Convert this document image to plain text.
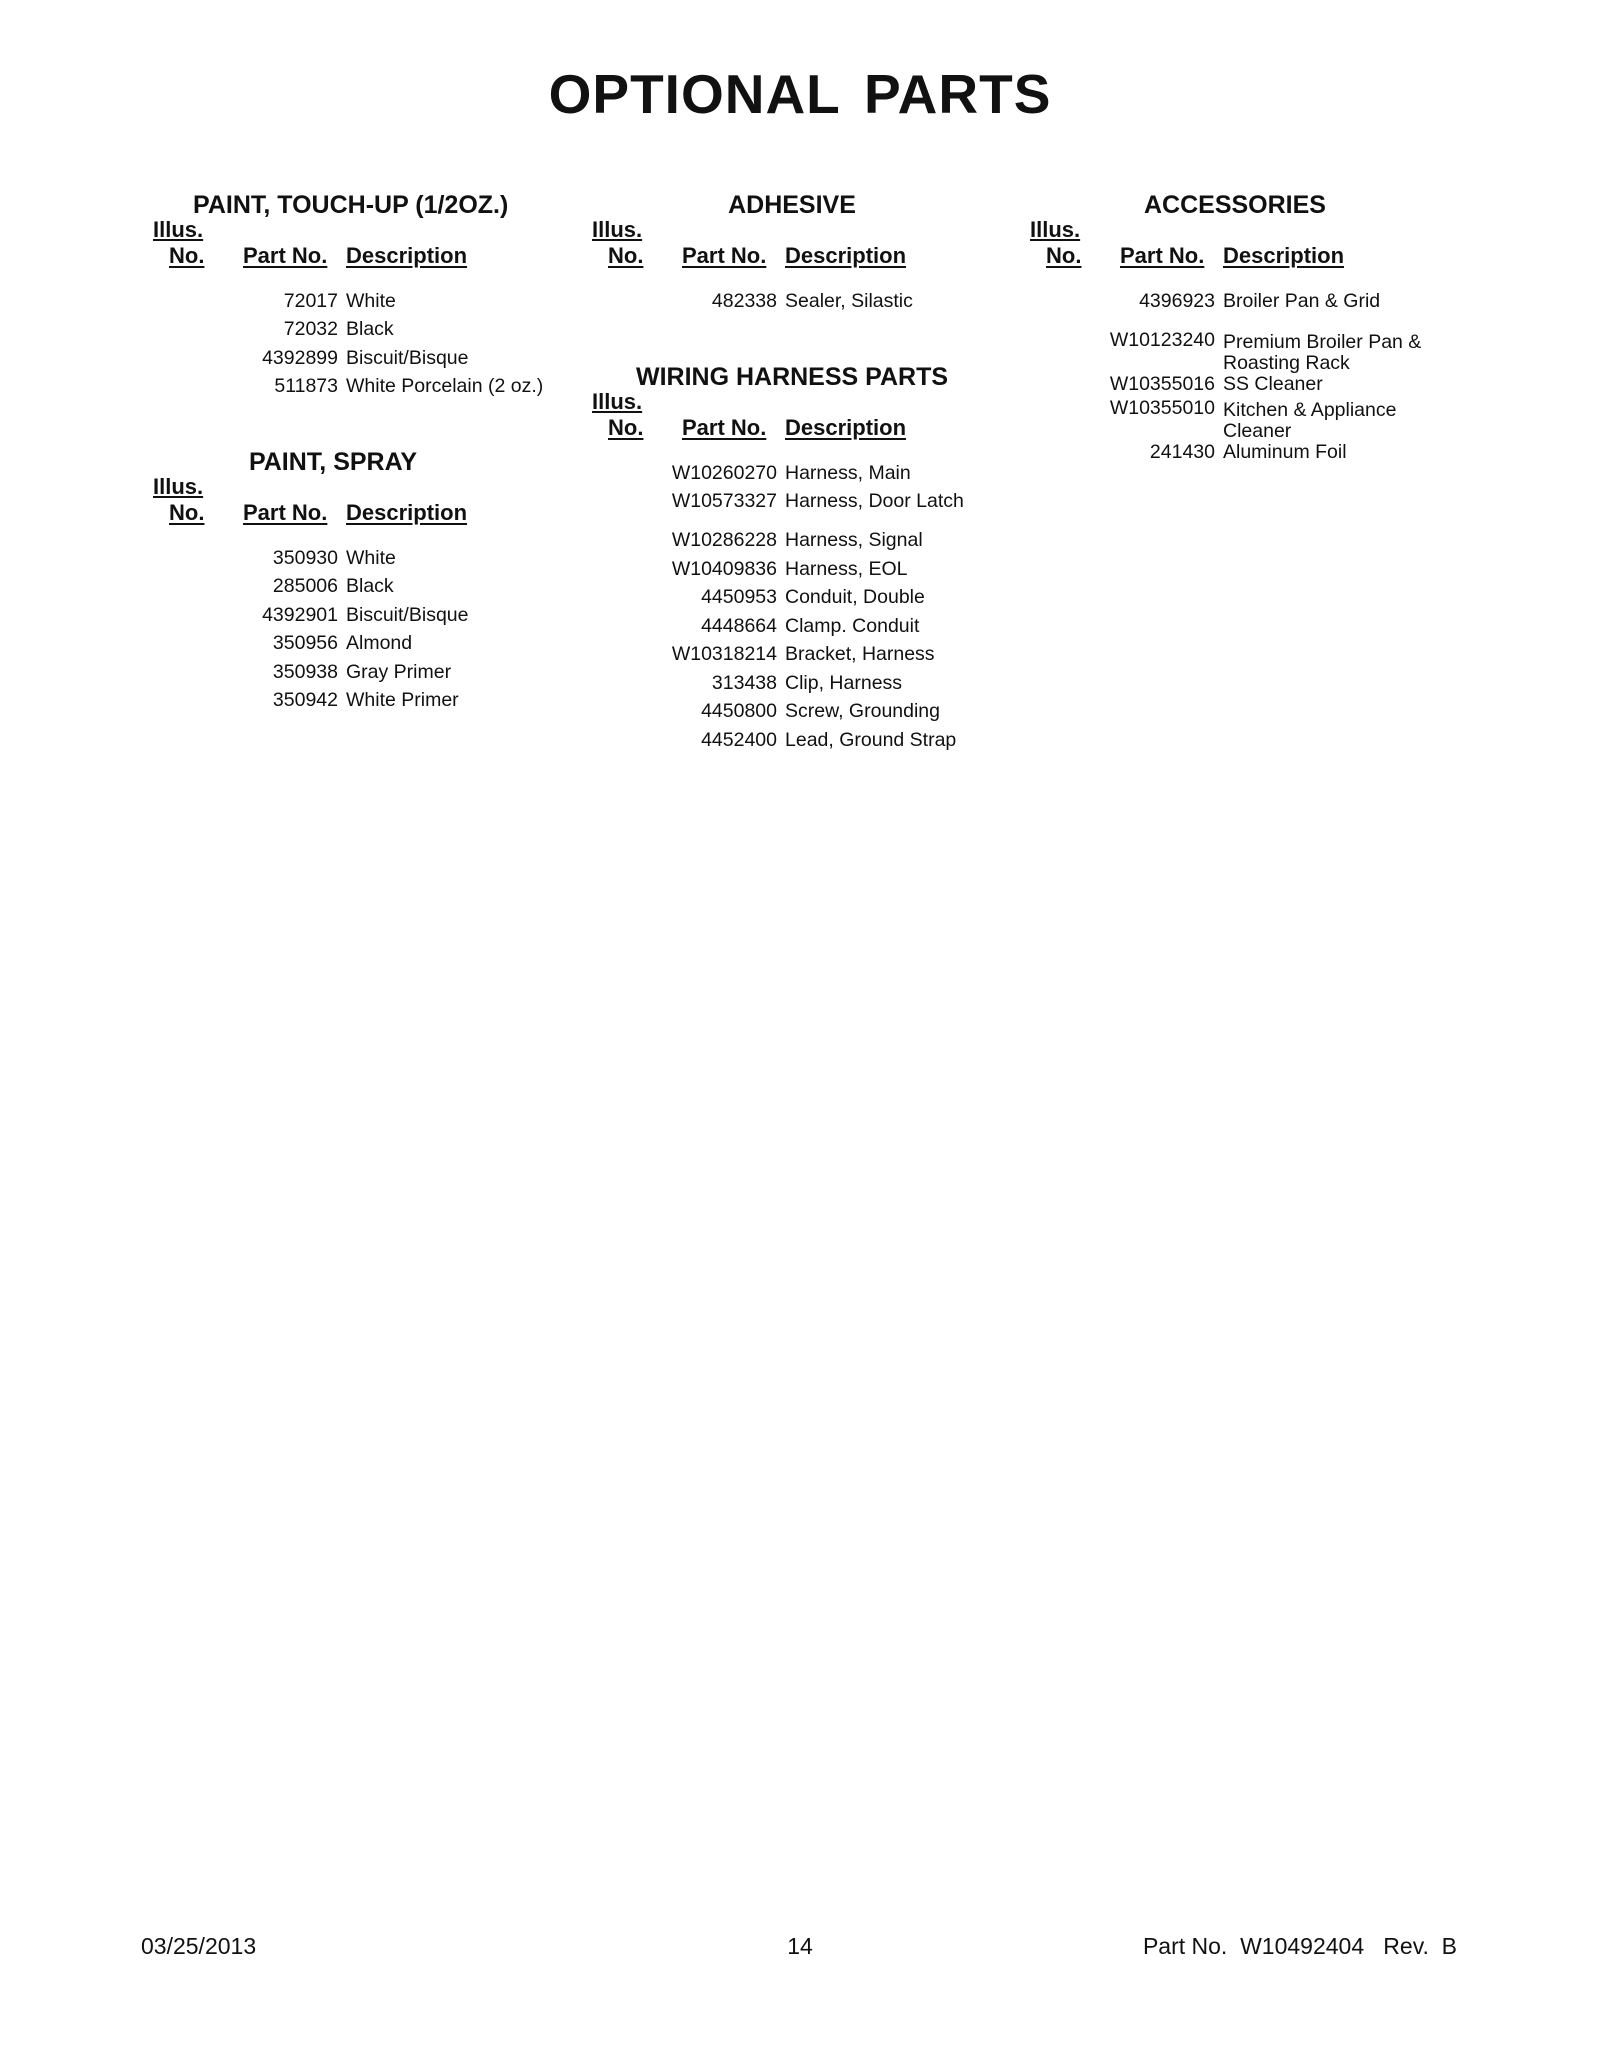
OPTIONAL PARTS
PAINT, TOUCH-UP (1/2OZ.)
Illus.
No. Part No. Description
72017 White
72032 Black
4392899 Biscuit/Bisque
511873 White Porcelain (2 oz.)
PAINT, SPRAY
Illus.
No. Part No. Description
350930 White
285006 Black
4392901 Biscuit/Bisque
350956 Almond
350938 Gray Primer
350942 White Primer
ADHESIVE
Illus.
No. Part No. Description
482338 Sealer, Silastic
WIRING HARNESS PARTS
Illus.
No. Part No. Description
W10260270 Harness, Main
W10573327 Harness, Door Latch
W10286228 Harness, Signal
W10409836 Harness, EOL
4450953 Conduit, Double
4448664 Clamp. Conduit
W10318214 Bracket, Harness
313438 Clip, Harness
4450800 Screw, Grounding
4452400 Lead, Ground Strap
ACCESSORIES
Illus.
No. Part No. Description
4396923 Broiler Pan & Grid
W10123240 Premium Broiler Pan & Roasting Rack
W10355016 SS Cleaner
W10355010 Kitchen & Appliance Cleaner
241430 Aluminum Foil
03/25/2013	14	Part No.  W10492404   Rev.  B
